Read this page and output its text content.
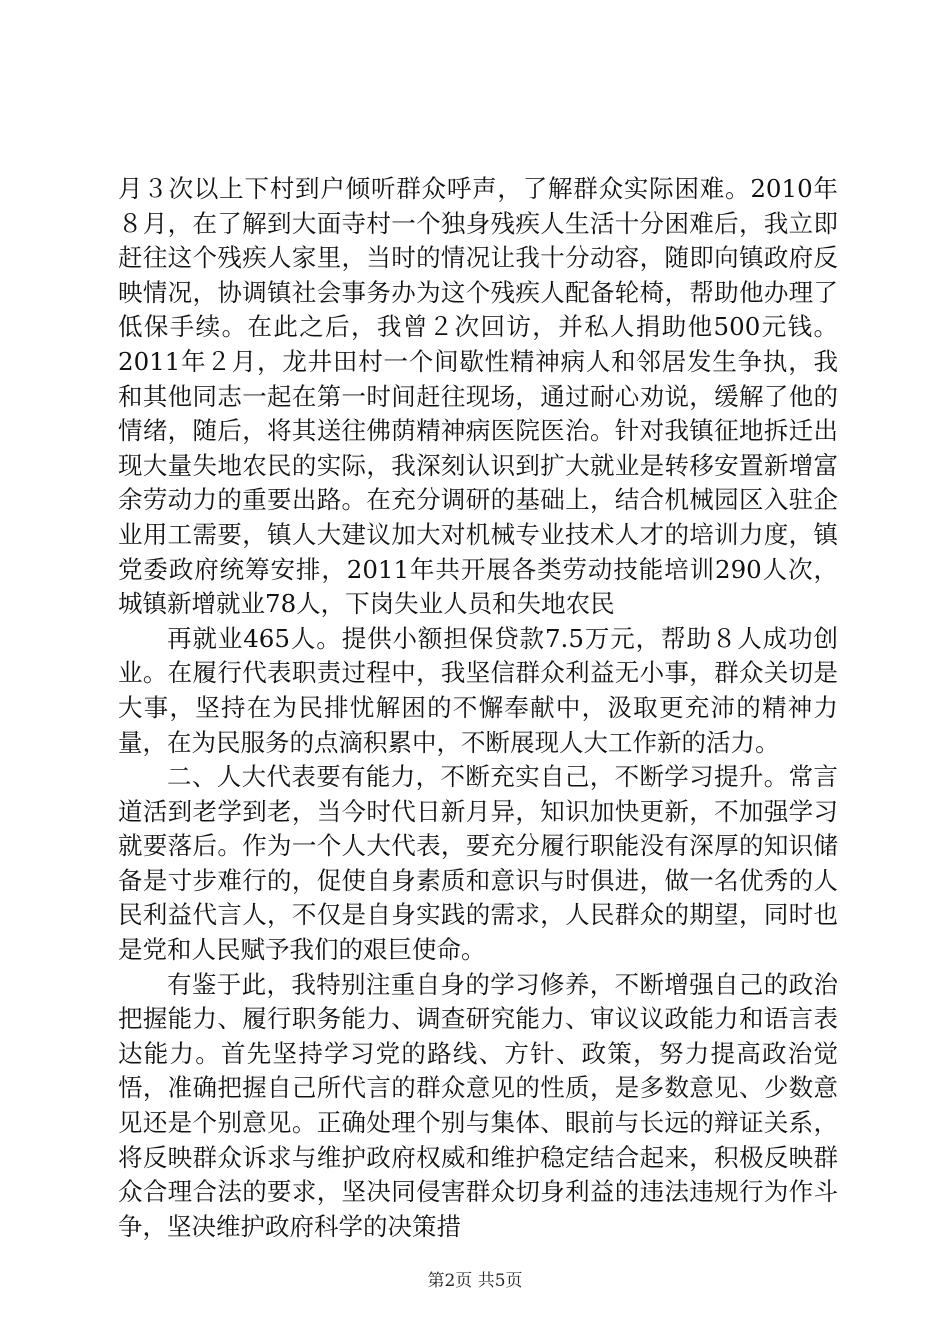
月３次以上下村到户倾听群众呼声，了解群众实际困难。2010年８月，在了解到大面寺村一个独身残疾人生活十分困难后，我立即赶往这个残疾人家里，当时的情况让我十分动容，随即向镇政府反映情况，协调镇社会事务办为这个残疾人配备轮椅，帮助他办理了低保手续。在此之后，我曾２次回访，并私人捐助他500元钱。2011年２月，龙井田村一个间歇性精神病人和邻居发生争执，我和其他同志一起在第一时间赶往现场，通过耐心劝说，缓解了他的情绪，随后，将其送往佛荫精神病医院医治。针对我镇征地拆迁出现大量失地农民的实际，我深刻认识到扩大就业是转移安置新增富余劳动力的重要出路。在充分调研的基础上，结合机械园区入驻企业用工需要，镇人大建议加大对机械专业技术人才的培训力度，镇党委政府统筹安排，2011年共开展各类劳动技能培训290人次，城镇新增就业78人，下岗失业人员和失地农民

再就业465人。提供小额担保贷款7.5万元，帮助８人成功创业。在履行代表职责过程中，我坚信群众利益无小事，群众关切是大事，坚持在为民排忧解困的不懈奉献中，汲取更充沛的精神力量，在为民服务的点滴积累中，不断展现人大工作新的活力。

二、人大代表要有能力，不断充实自己，不断学习提升。常言道活到老学到老，当今时代日新月异，知识加快更新，不加强学习就要落后。作为一个人大代表，要充分履行职能没有深厚的知识储备是寸步难行的，促使自身素质和意识与时俱进，做一名优秀的人民利益代言人，不仅是自身实践的需求，人民群众的期望，同时也是党和人民赋予我们的艰巨使命。

有鉴于此，我特别注重自身的学习修养，不断增强自己的政治把握能力、履行职务能力、调查研究能力、审议议政能力和语言表达能力。首先坚持学习党的路线、方针、政策，努力提高政治觉悟，准确把握自己所代言的群众意见的性质，是多数意见、少数意见还是个别意见。正确处理个别与集体、眼前与长远的辩证关系，将反映群众诉求与维护政府权威和维护稳定结合起来，积极反映群众合理合法的要求，坚决同侵害群众切身利益的违法违规行为作斗争，坚决维护政府科学的决策措

第2页 共5页
